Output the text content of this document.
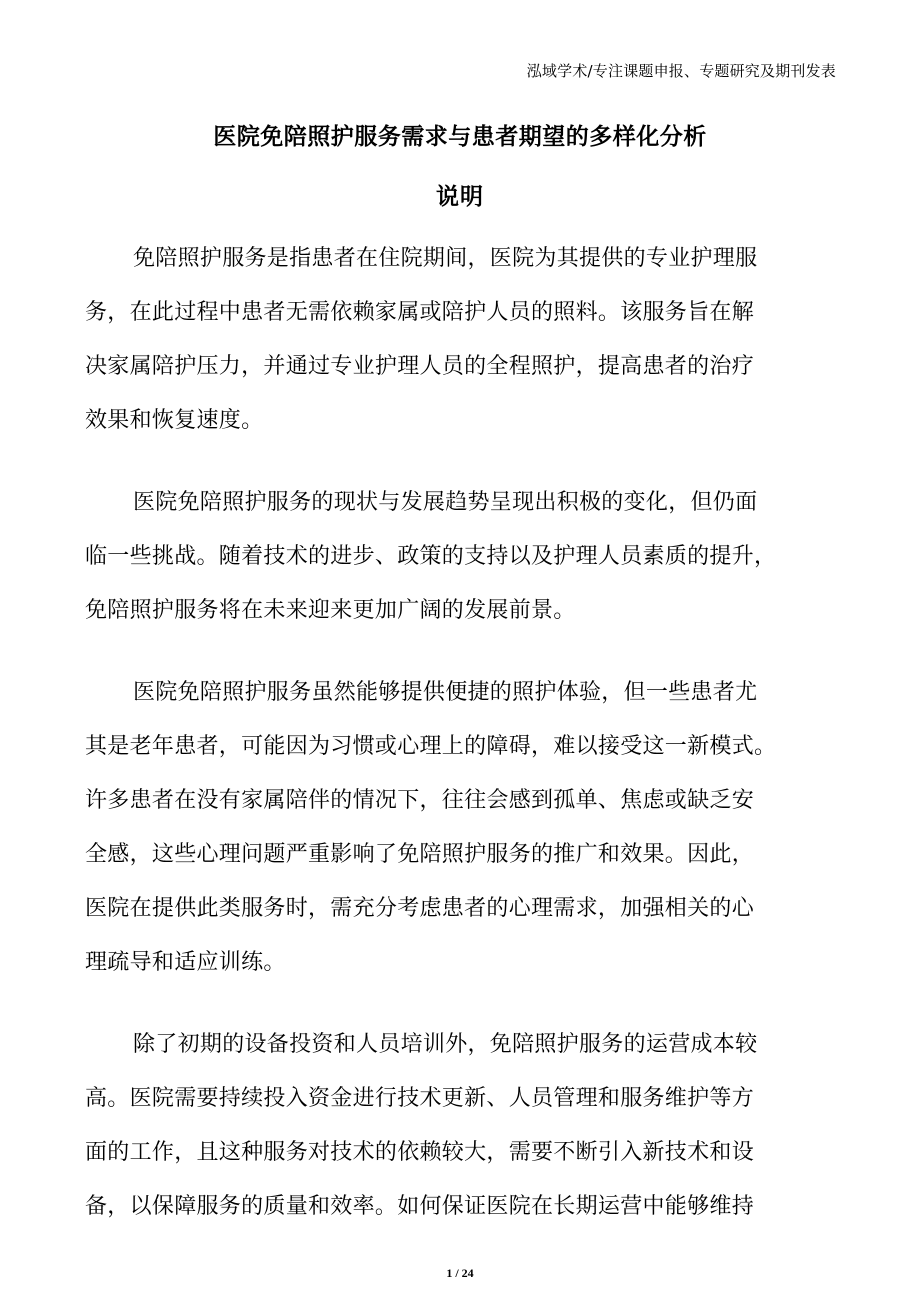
泓域学术/专注课题申报、专题研究及期刊发表
医院免陪照护服务需求与患者期望的多样化分析
说明
免陪照护服务是指患者在住院期间，医院为其提供的专业护理服
务，在此过程中患者无需依赖家属或陪护人员的照料。该服务旨在解
决家属陪护压力，并通过专业护理人员的全程照护，提高患者的治疗
效果和恢复速度。
医院免陪照护服务的现状与发展趋势呈现出积极的变化，但仍面
临一些挑战。随着技术的进步、政策的支持以及护理人员素质的提升，
免陪照护服务将在未来迎来更加广阔的发展前景。
医院免陪照护服务虽然能够提供便捷的照护体验，但一些患者尤
其是老年患者，可能因为习惯或心理上的障碍，难以接受这一新模式。
许多患者在没有家属陪伴的情况下，往往会感到孤单、焦虑或缺乏安
全感，这些心理问题严重影响了免陪照护服务的推广和效果。因此，
医院在提供此类服务时，需充分考虑患者的心理需求，加强相关的心
理疏导和适应训练。
除了初期的设备投资和人员培训外，免陪照护服务的运营成本较
高。医院需要持续投入资金进行技术更新、人员管理和服务维护等方
面的工作，且这种服务对技术的依赖较大，需要不断引入新技术和设
备，以保障服务的质量和效率。如何保证医院在长期运营中能够维持
1 / 24
